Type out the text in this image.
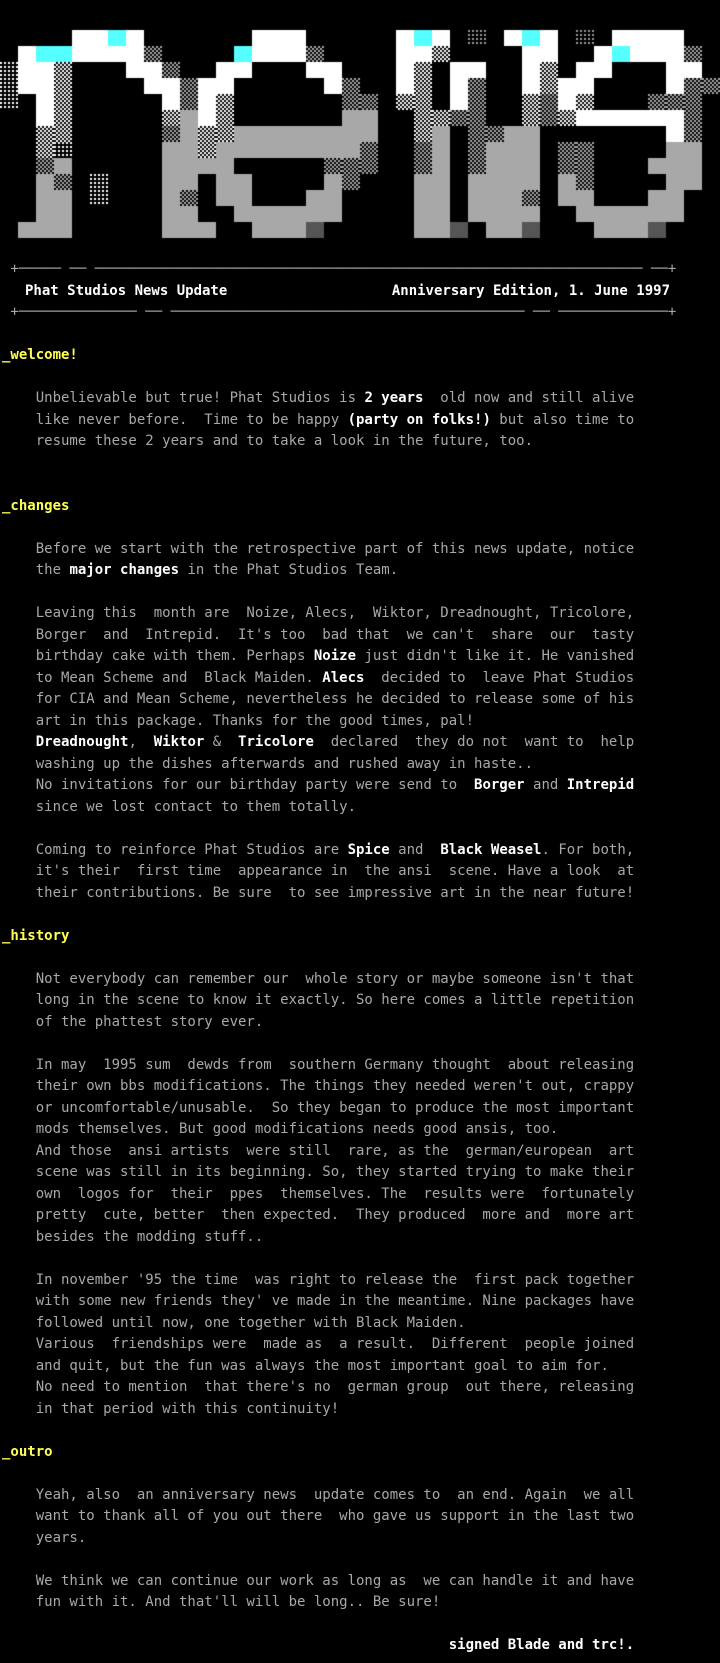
+───── ── ───────────────────────────────────────────────────────────────── ──+
Phat Studios News Update	Anniversary Edition, 1. June 1997
+────────────── ── ────────────────────────────────────────── ── ─────────────+
_welcome!
Unbelievable but true! Phat Studios is 2 years  old now and still alive
like never before.  Time to be happy (party on folks!) but also time to
resume these 2 years and to take a look in the future, too.
_changes
Before we start with the retrospective part of this news update, notice
the major changes in the Phat Studios Team.
Leaving this  month are  Noize, Alecs,  Wiktor, Dreadnought, Tricolore,
Borger  and  Intrepid.  It's too  bad that  we can't  share  our  tasty
birthday cake with them. Perhaps Noize just didn't like it. He vanished
to Mean Scheme and  Black Maiden. Alecs  decided to  leave Phat Studios
for CIA and Mean Scheme, nevertheless he decided to release some of his
art in this package. Thanks for the good times, pal!
Dreadnought,  Wiktor &  Tricolore  declared  they do not  want to  help
washing up the dishes afterwards and rushed away in haste..
No invitations for our birthday party were send to  Borger and Intrepid
since we lost contact to them totally.
Coming to reinforce Phat Studios are Spice and  Black Weasel. For both,
it's their  first time  appearance in  the ansi  scene. Have a look  at
their contributions. Be sure  to see impressive art in the near future!
_history
Not everybody can remember our  whole story or maybe someone isn't that
long in the scene to know it exactly. So here comes a little repetition
of the phattest story ever.
In may  1995 sum  dewds from  southern Germany thought  about releasing
their own bbs modifications. The things they needed weren't out, crappy
or uncomfortable/unusable.  So they began to produce the most important
mods themselves. But good modifications needs good ansis, too.
And those  ansi artists  were still  rare, as the  german/european  art
scene was still in its beginning. So, they started trying to make their
own  logos for  their  ppes  themselves. The  results were  fortunately
pretty  cute, better  then expected.  They produced  more and  more art
besides the modding stuff..
In november '95 the time  was right to release the  first pack together
with some new friends they' ve made in the meantime. Nine packages have
followed until now, one together with Black Maiden.
Various  friendships were  made as  a result.  Different  people joined
and quit, but the fun was always the most important goal to aim for.
No need to mention  that there's no  german group  out there, releasing
in that period with this continuity!
_outro
Yeah, also  an anniversary news  update comes to  an end. Again  we all
want to thank all of you out there  who gave us support in the last two
years.
We think we can continue our work as long as  we can handle it and have
fun with it. And that'll will be long.. Be sure!
signed Blade and trc!.
